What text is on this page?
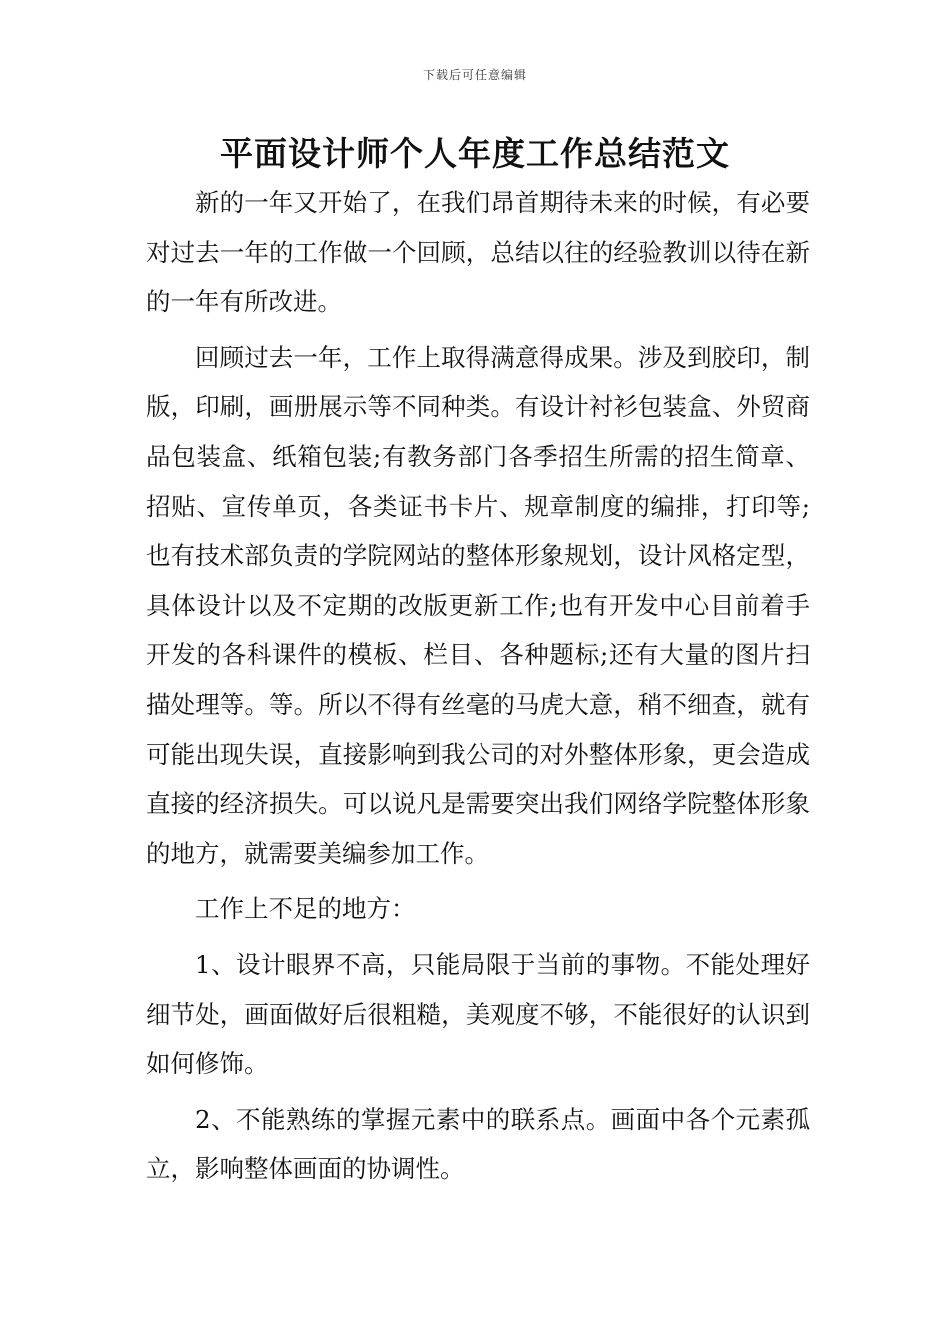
下载后可任意编辑
平面设计师个人年度工作总结范文

新的一年又开始了，在我们昂首期待未来的时候，有必要对过去一年的工作做一个回顾，总结以往的经验教训以待在新的一年有所改进。

回顾过去一年，工作上取得满意得成果。涉及到胶印，制版，印刷，画册展示等不同种类。有设计衬衫包装盒、外贸商品包装盒、纸箱包装;有教务部门各季招生所需的招生简章、招贴、宣传单页，各类证书卡片、规章制度的编排，打印等;也有技术部负责的学院网站的整体形象规划，设计风格定型，具体设计以及不定期的改版更新工作;也有开发中心目前着手开发的各科课件的模板、栏目、各种题标;还有大量的图片扫描处理等。等。所以不得有丝毫的马虎大意，稍不细查，就有可能出现失误，直接影响到我公司的对外整体形象，更会造成直接的经济损失。可以说凡是需要突出我们网络学院整体形象的地方，就需要美编参加工作。

工作上不足的地方：

1、设计眼界不高，只能局限于当前的事物。不能处理好细节处，画面做好后很粗糙，美观度不够，不能很好的认识到如何修饰。

2、不能熟练的掌握元素中的联系点。画面中各个元素孤立，影响整体画面的协调性。
